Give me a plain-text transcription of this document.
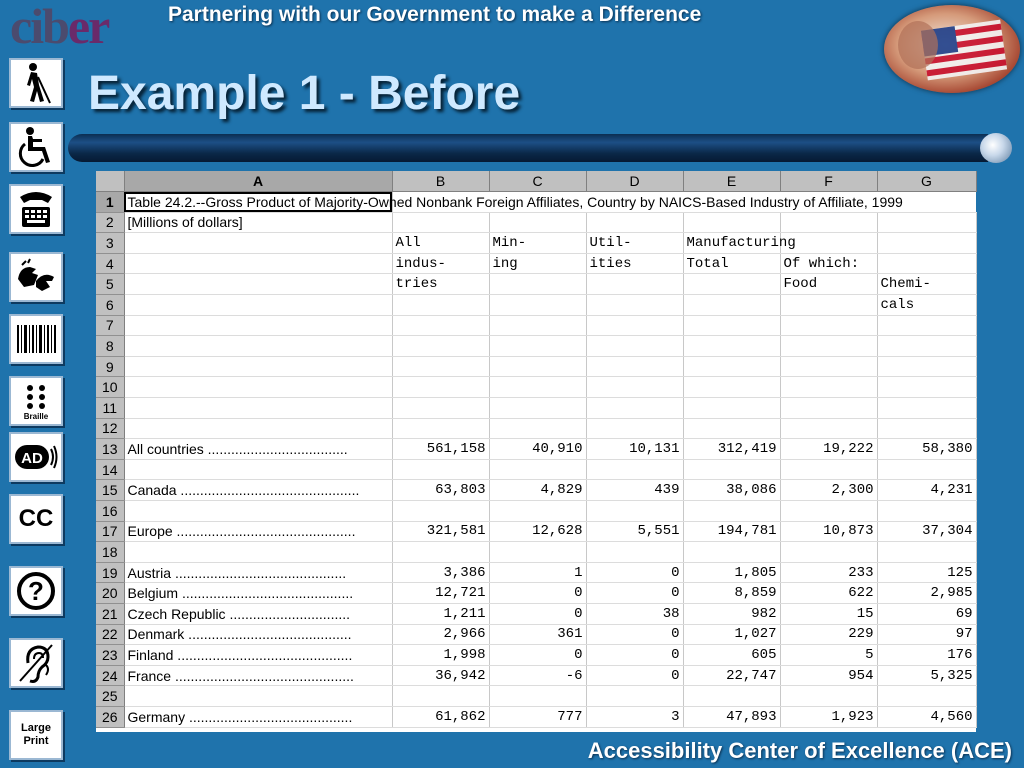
ciber	Partnering with our Government to make a Difference
Example 1 - Before
Braille
AD
CC
?
Large
Print
	A	B	C	D	E	F	G
1	Table 24.2.--Gross Product of Majority-Owned Nonbank Foreign Affiliates, Country by NAICS-Based Industry of Affiliate, 1999						
2	[Millions of dollars]						
3		All	Min-	Util-	Manufacturing		
4		indus-	ing	ities	Total	Of which:	
5		tries				Food	Chemi-
6							cals
7							
8							
9							
10							
11							
12							
13	All countries ....................................	561,158	40,910	10,131	312,419	19,222	58,380
14							
15	Canada ..............................................	63,803	4,829	439	38,086	2,300	4,231
16							
17	Europe ..............................................	321,581	12,628	5,551	194,781	10,873	37,304
18							
19	Austria ............................................	3,386	1	0	1,805	233	125
20	Belgium ............................................	12,721	0	0	8,859	622	2,985
21	Czech Republic ...............................	1,211	0	38	982	15	69
22	Denmark ..........................................	2,966	361	0	1,027	229	97
23	Finland .............................................	1,998	0	0	605	5	176
24	France ..............................................	36,942	-6	0	22,747	954	5,325
25							
26	Germany ..........................................	61,862	777	3	47,893	1,923	4,560
Accessibility Center of Excellence (ACE)
